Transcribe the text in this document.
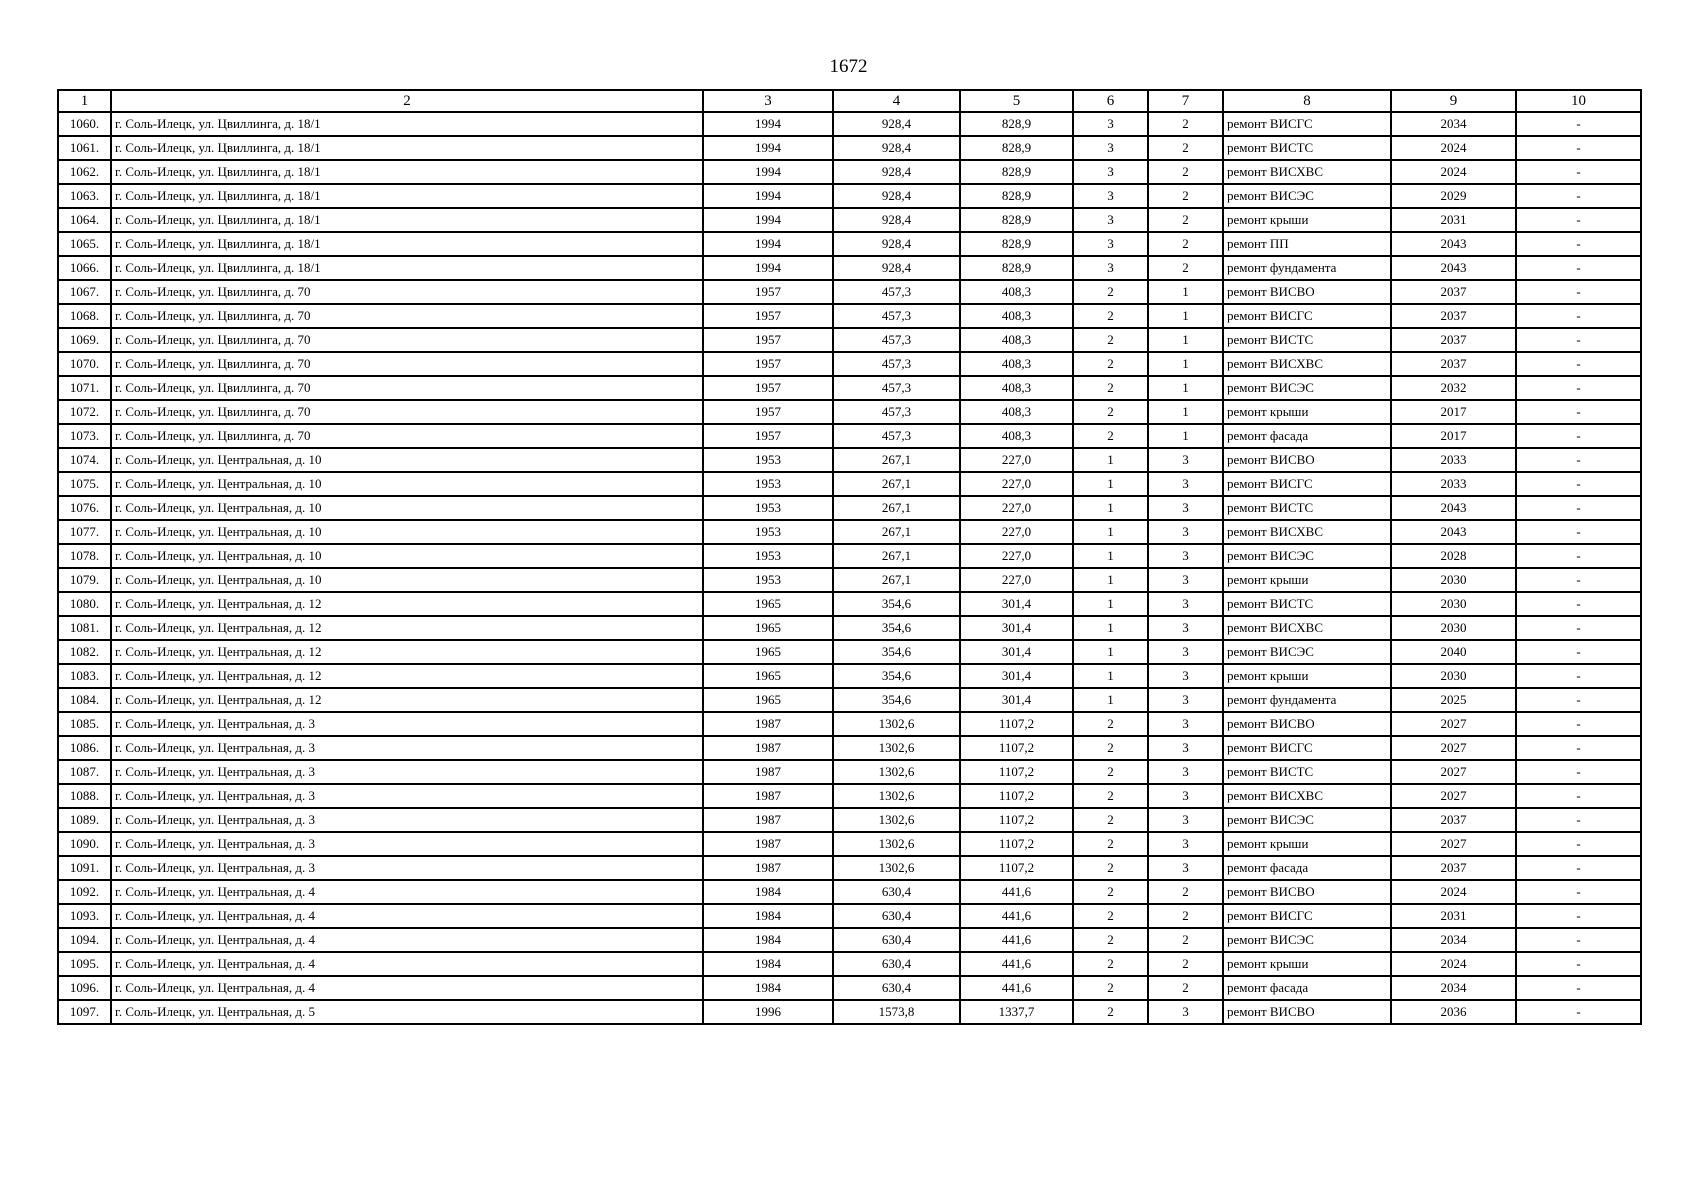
1672
1	2	3	4	5	6	7	8	9	10
1060.	г. Соль-Илецк, ул. Цвиллинга, д. 18/1	1994	928,4	828,9	3	2	ремонт ВИСГС	2034	-
1061.	г. Соль-Илецк, ул. Цвиллинга, д. 18/1	1994	928,4	828,9	3	2	ремонт ВИСТС	2024	-
1062.	г. Соль-Илецк, ул. Цвиллинга, д. 18/1	1994	928,4	828,9	3	2	ремонт ВИСХВС	2024	-
1063.	г. Соль-Илецк, ул. Цвиллинга, д. 18/1	1994	928,4	828,9	3	2	ремонт ВИСЭС	2029	-
1064.	г. Соль-Илецк, ул. Цвиллинга, д. 18/1	1994	928,4	828,9	3	2	ремонт крыши	2031	-
1065.	г. Соль-Илецк, ул. Цвиллинга, д. 18/1	1994	928,4	828,9	3	2	ремонт ПП	2043	-
1066.	г. Соль-Илецк, ул. Цвиллинга, д. 18/1	1994	928,4	828,9	3	2	ремонт фундамента	2043	-
1067.	г. Соль-Илецк, ул. Цвиллинга, д. 70	1957	457,3	408,3	2	1	ремонт ВИСВО	2037	-
1068.	г. Соль-Илецк, ул. Цвиллинга, д. 70	1957	457,3	408,3	2	1	ремонт ВИСГС	2037	-
1069.	г. Соль-Илецк, ул. Цвиллинга, д. 70	1957	457,3	408,3	2	1	ремонт ВИСТС	2037	-
1070.	г. Соль-Илецк, ул. Цвиллинга, д. 70	1957	457,3	408,3	2	1	ремонт ВИСХВС	2037	-
1071.	г. Соль-Илецк, ул. Цвиллинга, д. 70	1957	457,3	408,3	2	1	ремонт ВИСЭС	2032	-
1072.	г. Соль-Илецк, ул. Цвиллинга, д. 70	1957	457,3	408,3	2	1	ремонт крыши	2017	-
1073.	г. Соль-Илецк, ул. Цвиллинга, д. 70	1957	457,3	408,3	2	1	ремонт фасада	2017	-
1074.	г. Соль-Илецк, ул. Центральная, д. 10	1953	267,1	227,0	1	3	ремонт ВИСВО	2033	-
1075.	г. Соль-Илецк, ул. Центральная, д. 10	1953	267,1	227,0	1	3	ремонт ВИСГС	2033	-
1076.	г. Соль-Илецк, ул. Центральная, д. 10	1953	267,1	227,0	1	3	ремонт ВИСТС	2043	-
1077.	г. Соль-Илецк, ул. Центральная, д. 10	1953	267,1	227,0	1	3	ремонт ВИСХВС	2043	-
1078.	г. Соль-Илецк, ул. Центральная, д. 10	1953	267,1	227,0	1	3	ремонт ВИСЭС	2028	-
1079.	г. Соль-Илецк, ул. Центральная, д. 10	1953	267,1	227,0	1	3	ремонт крыши	2030	-
1080.	г. Соль-Илецк, ул. Центральная, д. 12	1965	354,6	301,4	1	3	ремонт ВИСТС	2030	-
1081.	г. Соль-Илецк, ул. Центральная, д. 12	1965	354,6	301,4	1	3	ремонт ВИСХВС	2030	-
1082.	г. Соль-Илецк, ул. Центральная, д. 12	1965	354,6	301,4	1	3	ремонт ВИСЭС	2040	-
1083.	г. Соль-Илецк, ул. Центральная, д. 12	1965	354,6	301,4	1	3	ремонт крыши	2030	-
1084.	г. Соль-Илецк, ул. Центральная, д. 12	1965	354,6	301,4	1	3	ремонт фундамента	2025	-
1085.	г. Соль-Илецк, ул. Центральная, д. 3	1987	1302,6	1107,2	2	3	ремонт ВИСВО	2027	-
1086.	г. Соль-Илецк, ул. Центральная, д. 3	1987	1302,6	1107,2	2	3	ремонт ВИСГС	2027	-
1087.	г. Соль-Илецк, ул. Центральная, д. 3	1987	1302,6	1107,2	2	3	ремонт ВИСТС	2027	-
1088.	г. Соль-Илецк, ул. Центральная, д. 3	1987	1302,6	1107,2	2	3	ремонт ВИСХВС	2027	-
1089.	г. Соль-Илецк, ул. Центральная, д. 3	1987	1302,6	1107,2	2	3	ремонт ВИСЭС	2037	-
1090.	г. Соль-Илецк, ул. Центральная, д. 3	1987	1302,6	1107,2	2	3	ремонт крыши	2027	-
1091.	г. Соль-Илецк, ул. Центральная, д. 3	1987	1302,6	1107,2	2	3	ремонт фасада	2037	-
1092.	г. Соль-Илецк, ул. Центральная, д. 4	1984	630,4	441,6	2	2	ремонт ВИСВО	2024	-
1093.	г. Соль-Илецк, ул. Центральная, д. 4	1984	630,4	441,6	2	2	ремонт ВИСГС	2031	-
1094.	г. Соль-Илецк, ул. Центральная, д. 4	1984	630,4	441,6	2	2	ремонт ВИСЭС	2034	-
1095.	г. Соль-Илецк, ул. Центральная, д. 4	1984	630,4	441,6	2	2	ремонт крыши	2024	-
1096.	г. Соль-Илецк, ул. Центральная, д. 4	1984	630,4	441,6	2	2	ремонт фасада	2034	-
1097.	г. Соль-Илецк, ул. Центральная, д. 5	1996	1573,8	1337,7	2	3	ремонт ВИСВО	2036	-
